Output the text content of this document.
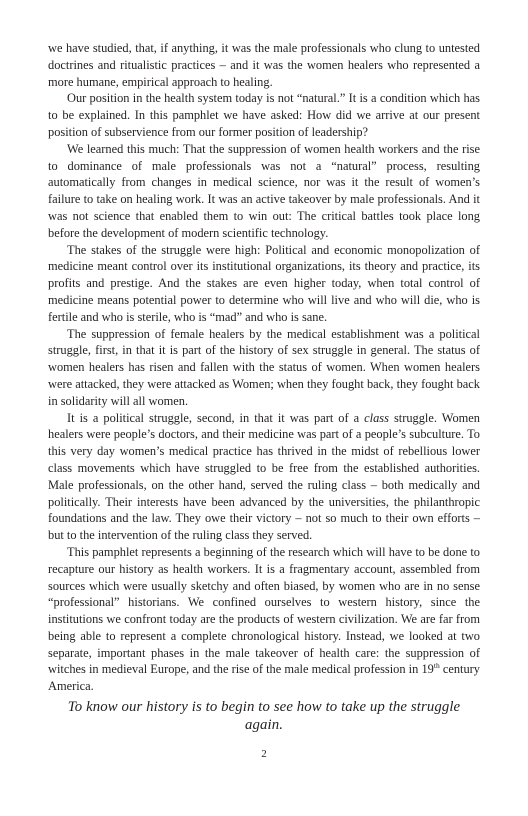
we have studied, that, if anything, it was the male professionals who clung to untested doctrines and ritualistic practices – and it was the women healers who represented a more humane, empirical approach to healing.

Our position in the health system today is not “natural.” It is a condition which has to be explained. In this pamphlet we have asked: How did we arrive at our present position of subservience from our former position of leadership?

We learned this much: That the suppression of women health workers and the rise to dominance of male professionals was not a “natural” process, resulting automatically from changes in medical science, nor was it the result of women’s failure to take on healing work. It was an active takeover by male professionals. And it was not science that enabled them to win out: The critical battles took place long before the development of modern scientific technology.

The stakes of the struggle were high: Political and economic monopolization of medicine meant control over its institutional organizations, its theory and practice, its profits and prestige. And the stakes are even higher today, when total control of medicine means potential power to determine who will live and who will die, who is fertile and who is sterile, who is “mad” and who is sane.

The suppression of female healers by the medical establishment was a political struggle, first, in that it is part of the history of sex struggle in general. The status of women healers has risen and fallen with the status of women. When women healers were attacked, they were attacked as Women; when they fought back, they fought back in solidarity will all women.

It is a political struggle, second, in that it was part of a class struggle. Women healers were people’s doctors, and their medicine was part of a people’s subculture. To this very day women’s medical practice has thrived in the midst of rebellious lower class movements which have struggled to be free from the established authorities. Male professionals, on the other hand, served the ruling class – both medically and politically. Their interests have been advanced by the universities, the philanthropic foundations and the law. They owe their victory – not so much to their own efforts – but to the intervention of the ruling class they served.

This pamphlet represents a beginning of the research which will have to be done to recapture our history as health workers. It is a fragmentary account, assembled from sources which were usually sketchy and often biased, by women who are in no sense “professional” historians. We confined ourselves to western history, since the institutions we confront today are the products of western civilization. We are far from being able to represent a complete chronological history. Instead, we looked at two separate, important phases in the male takeover of health care: the suppression of witches in medieval Europe, and the rise of the male medical profession in 19th century America.

To know our history is to begin to see how to take up the struggle again.

2
